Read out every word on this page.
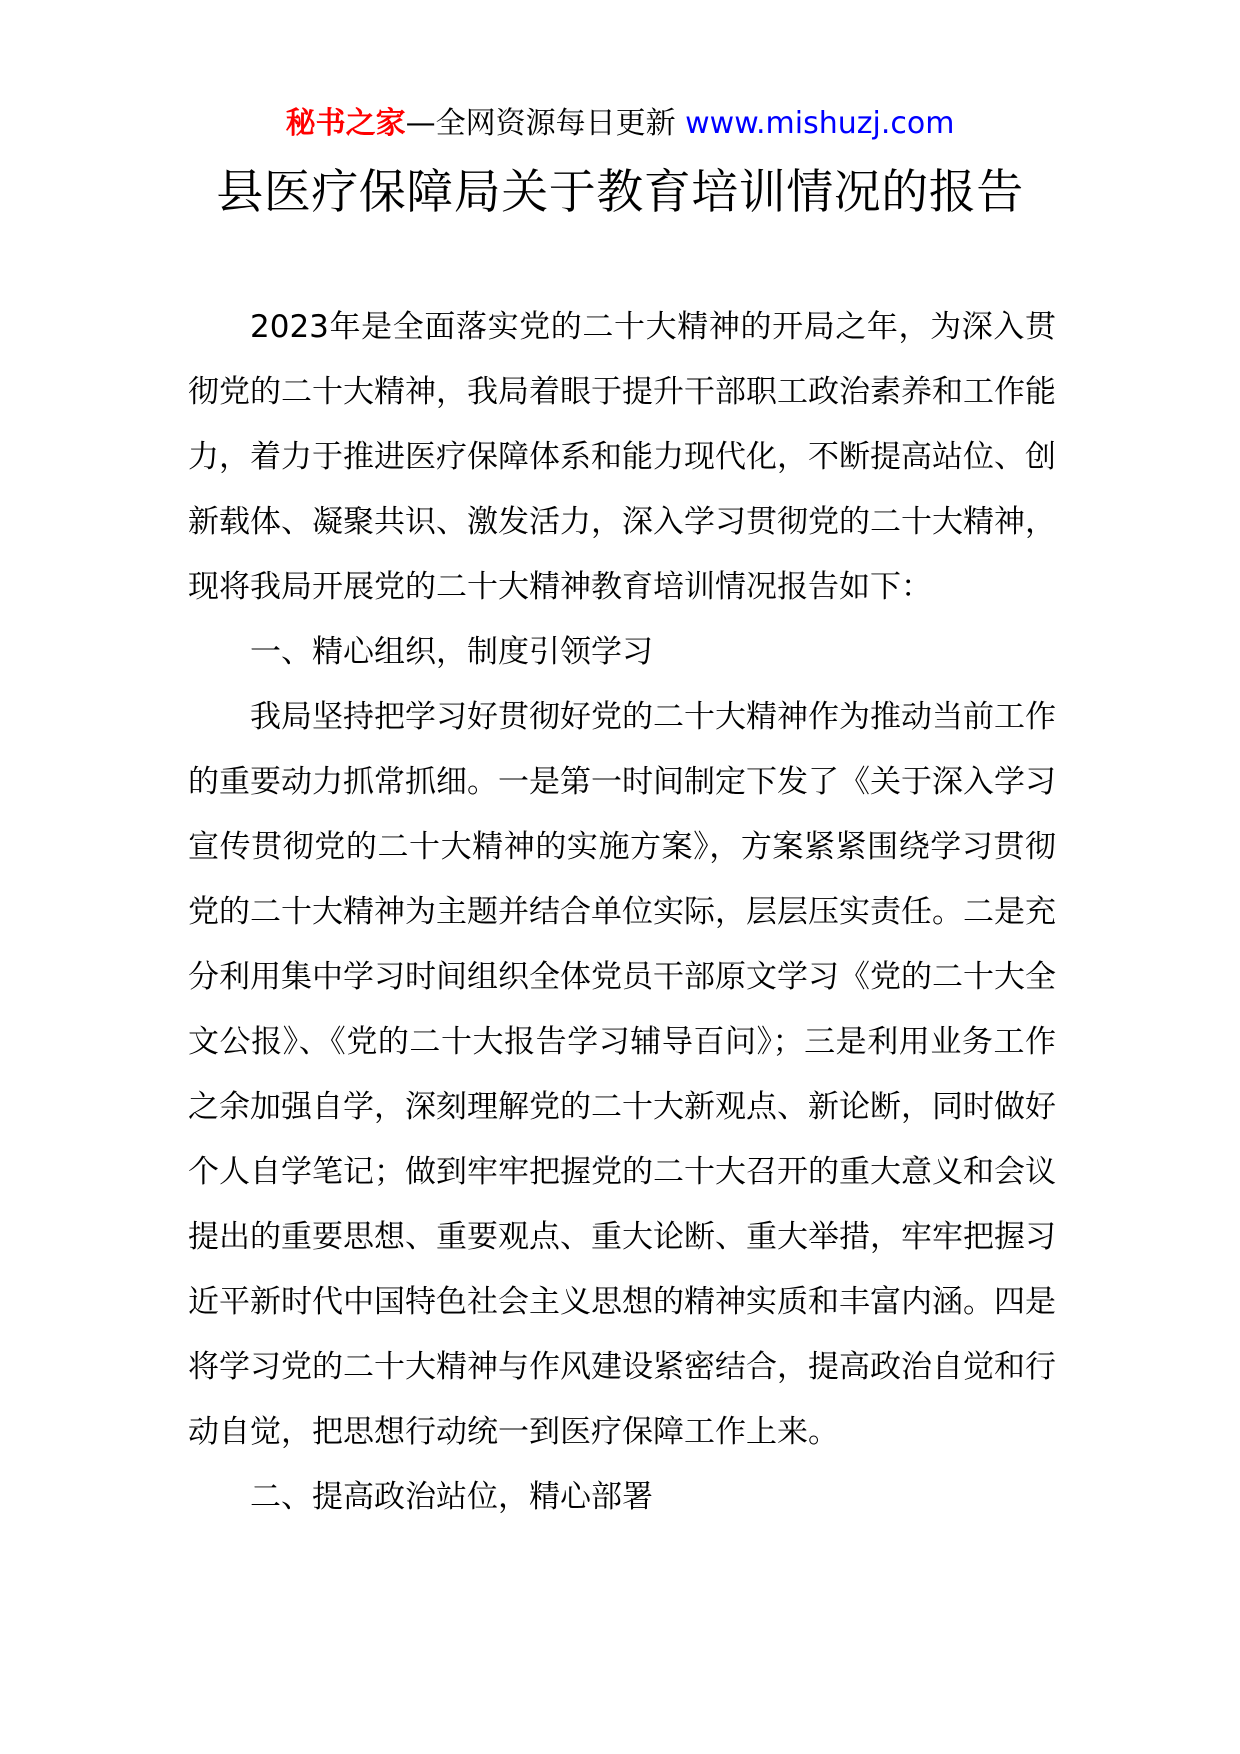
秘书之家—全网资源每日更新 www.mishuzj.com
县医疗保障局关于教育培训情况的报告

2023年是全面落实党的二十大精神的开局之年，为深入贯彻党的二十大精神，我局着眼于提升干部职工政治素养和工作能力，着力于推进医疗保障体系和能力现代化，不断提高站位、创新载体、凝聚共识、激发活力，深入学习贯彻党的二十大精神，现将我局开展党的二十大精神教育培训情况报告如下：

一、精心组织，制度引领学习

我局坚持把学习好贯彻好党的二十大精神作为推动当前工作的重要动力抓常抓细。一是第一时间制定下发了《关于深入学习宣传贯彻党的二十大精神的实施方案》，方案紧紧围绕学习贯彻党的二十大精神为主题并结合单位实际，层层压实责任。二是充分利用集中学习时间组织全体党员干部原文学习《党的二十大全文公报》、《党的二十大报告学习辅导百问》；三是利用业务工作之余加强自学，深刻理解党的二十大新观点、新论断，同时做好个人自学笔记；做到牢牢把握党的二十大召开的重大意义和会议提出的重要思想、重要观点、重大论断、重大举措，牢牢把握习近平新时代中国特色社会主义思想的精神实质和丰富内涵。四是将学习党的二十大精神与作风建设紧密结合，提高政治自觉和行动自觉，把思想行动统一到医疗保障工作上来。

二、提高政治站位，精心部署
